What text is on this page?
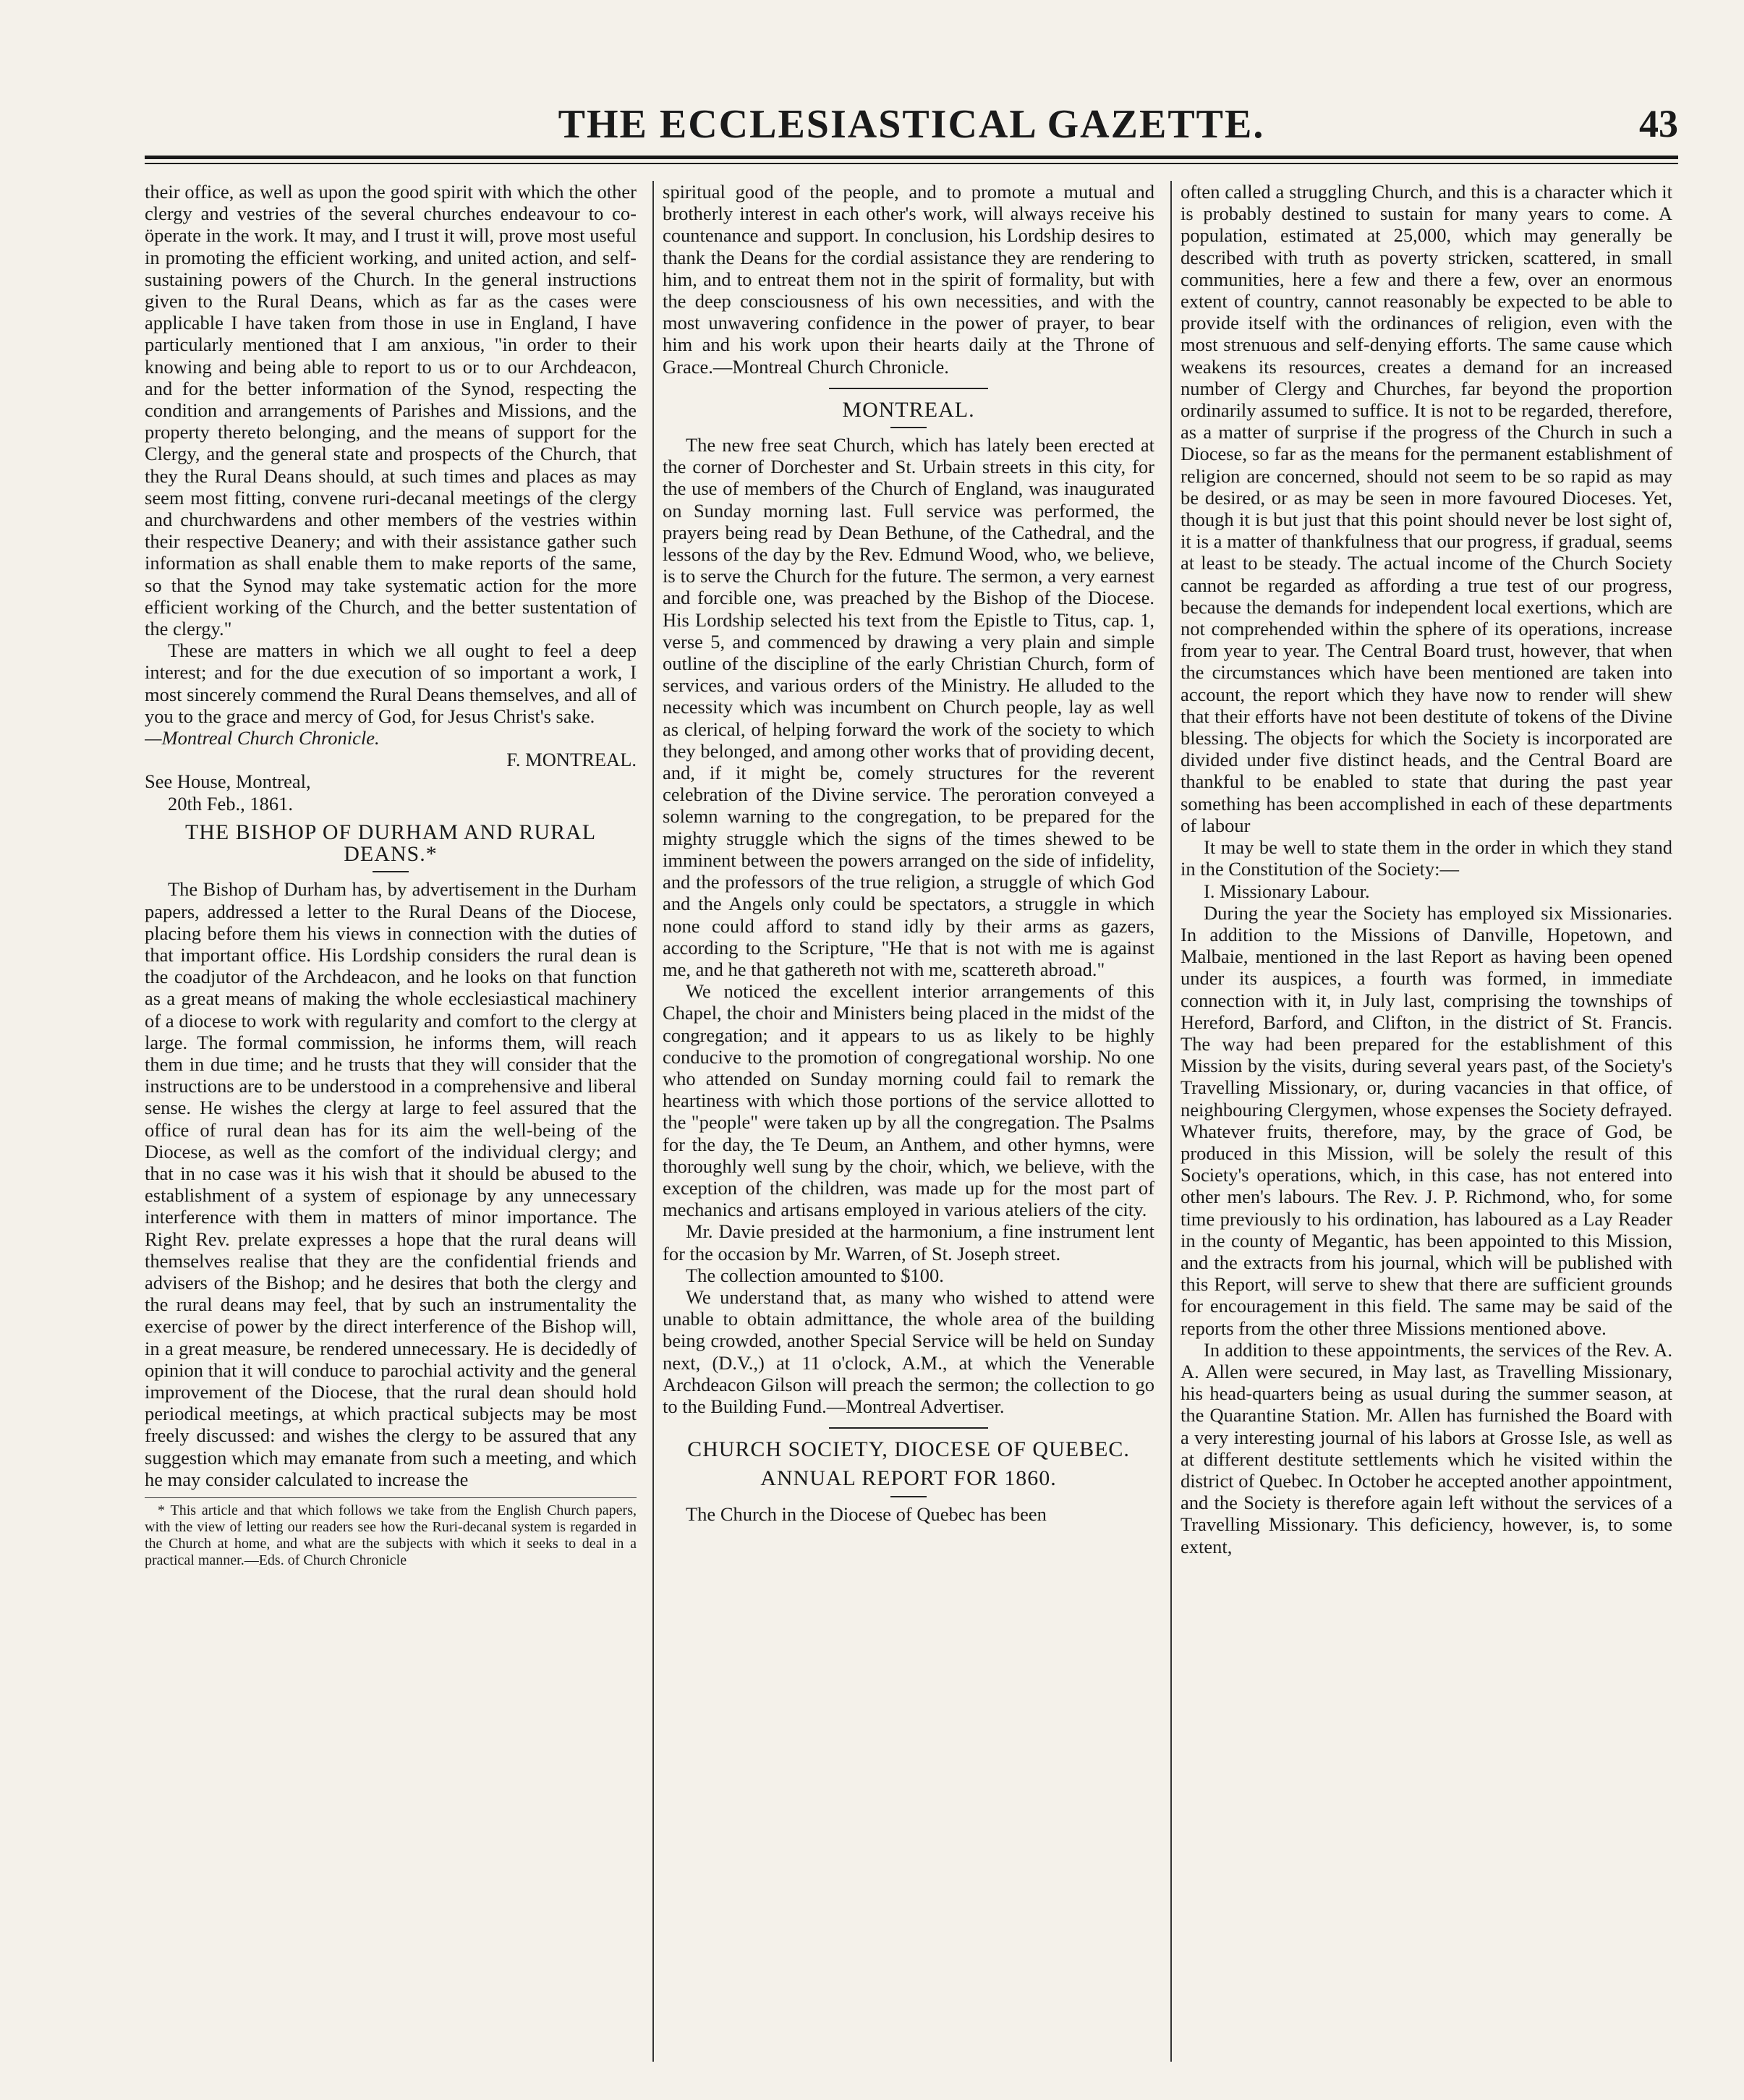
THE ECCLESIASTICAL GAZETTE.	43

their office, as well as upon the good spirit with which the other clergy and vestries of the several churches endeavour to co-öperate in the work. It may, and I trust it will, prove most useful in promoting the efficient working, and united action, and self-sustaining powers of the Church. In the general instructions given to the Rural Deans, which as far as the cases were applicable I have taken from those in use in England, I have particularly mentioned that I am anxious, "in order to their knowing and being able to report to us or to our Archdeacon, and for the better information of the Synod, respecting the condition and arrangements of Parishes and Missions, and the property thereto belonging, and the means of support for the Clergy, and the general state and prospects of the Church, that they the Rural Deans should, at such times and places as may seem most fitting, convene ruri-decanal meetings of the clergy and churchwardens and other members of the vestries within their respective Deanery; and with their assistance gather such information as shall enable them to make reports of the same, so that the Synod may take systematic action for the more efficient working of the Church, and the better sustentation of the clergy."

These are matters in which we all ought to feel a deep interest; and for the due execution of so important a work, I most sincerely commend the Rural Deans themselves, and all of you to the grace and mercy of God, for Jesus Christ's sake.

—Montreal Church Chronicle.

F. MONTREAL.

See House, Montreal,

20th Feb., 1861.

THE BISHOP OF DURHAM AND RURAL DEANS.*

The Bishop of Durham has, by advertisement in the Durham papers, addressed a letter to the Rural Deans of the Diocese, placing before them his views in connection with the duties of that important office. His Lordship considers the rural dean is the coadjutor of the Archdeacon, and he looks on that function as a great means of making the whole ecclesiastical machinery of a diocese to work with regularity and comfort to the clergy at large. The formal commission, he informs them, will reach them in due time; and he trusts that they will consider that the instructions are to be understood in a comprehensive and liberal sense. He wishes the clergy at large to feel assured that the office of rural dean has for its aim the well-being of the Diocese, as well as the comfort of the individual clergy; and that in no case was it his wish that it should be abused to the establishment of a system of espionage by any unnecessary interference with them in matters of minor importance. The Right Rev. prelate expresses a hope that the rural deans will themselves realise that they are the confidential friends and advisers of the Bishop; and he desires that both the clergy and the rural deans may feel, that by such an instrumentality the exercise of power by the direct interference of the Bishop will, in a great measure, be rendered unnecessary. He is decidedly of opinion that it will conduce to parochial activity and the general improvement of the Diocese, that the rural dean should hold periodical meetings, at which practical subjects may be most freely discussed: and wishes the clergy to be assured that any suggestion which may emanate from such a meeting, and which he may consider calculated to increase the

* This article and that which follows we take from the English Church papers, with the view of letting our readers see how the Ruri-decanal system is regarded in the Church at home, and what are the subjects with which it seeks to deal in a practical manner.—Eds. of Church Chronicle

spiritual good of the people, and to promote a mutual and brotherly interest in each other's work, will always receive his countenance and support. In conclusion, his Lordship desires to thank the Deans for the cordial assistance they are rendering to him, and to entreat them not in the spirit of formality, but with the deep consciousness of his own necessities, and with the most unwavering confidence in the power of prayer, to bear him and his work upon their hearts daily at the Throne of Grace.—Montreal Church Chronicle.

MONTREAL.

The new free seat Church, which has lately been erected at the corner of Dorchester and St. Urbain streets in this city, for the use of members of the Church of England, was inaugurated on Sunday morning last. Full service was performed, the prayers being read by Dean Bethune, of the Cathedral, and the lessons of the day by the Rev. Edmund Wood, who, we believe, is to serve the Church for the future. The sermon, a very earnest and forcible one, was preached by the Bishop of the Diocese. His Lordship selected his text from the Epistle to Titus, cap. 1, verse 5, and commenced by drawing a very plain and simple outline of the discipline of the early Christian Church, form of services, and various orders of the Ministry. He alluded to the necessity which was incumbent on Church people, lay as well as clerical, of helping forward the work of the society to which they belonged, and among other works that of providing decent, and, if it might be, comely structures for the reverent celebration of the Divine service. The peroration conveyed a solemn warning to the congregation, to be prepared for the mighty struggle which the signs of the times shewed to be imminent between the powers arranged on the side of infidelity, and the professors of the true religion, a struggle of which God and the Angels only could be spectators, a struggle in which none could afford to stand idly by their arms as gazers, according to the Scripture, "He that is not with me is against me, and he that gathereth not with me, scattereth abroad."

We noticed the excellent interior arrangements of this Chapel, the choir and Ministers being placed in the midst of the congregation; and it appears to us as likely to be highly conducive to the promotion of congregational worship. No one who attended on Sunday morning could fail to remark the heartiness with which those portions of the service allotted to the "people" were taken up by all the congregation. The Psalms for the day, the Te Deum, an Anthem, and other hymns, were thoroughly well sung by the choir, which, we believe, with the exception of the children, was made up for the most part of mechanics and artisans employed in various ateliers of the city.

Mr. Davie presided at the harmonium, a fine instrument lent for the occasion by Mr. Warren, of St. Joseph street.

The collection amounted to $100.

We understand that, as many who wished to attend were unable to obtain admittance, the whole area of the building being crowded, another Special Service will be held on Sunday next, (D.V.,) at 11 o'clock, A.M., at which the Venerable Archdeacon Gilson will preach the sermon; the collection to go to the Building Fund.—Montreal Advertiser.

CHURCH SOCIETY, DIOCESE OF QUEBEC.
ANNUAL REPORT FOR 1860.

The Church in the Diocese of Quebec has been

often called a struggling Church, and this is a character which it is probably destined to sustain for many years to come. A population, estimated at 25,000, which may generally be described with truth as poverty stricken, scattered, in small communities, here a few and there a few, over an enormous extent of country, cannot reasonably be expected to be able to provide itself with the ordinances of religion, even with the most strenuous and self-denying efforts. The same cause which weakens its resources, creates a demand for an increased number of Clergy and Churches, far beyond the proportion ordinarily assumed to suffice. It is not to be regarded, therefore, as a matter of surprise if the progress of the Church in such a Diocese, so far as the means for the permanent establishment of religion are concerned, should not seem to be so rapid as may be desired, or as may be seen in more favoured Dioceses. Yet, though it is but just that this point should never be lost sight of, it is a matter of thankfulness that our progress, if gradual, seems at least to be steady. The actual income of the Church Society cannot be regarded as affording a true test of our progress, because the demands for independent local exertions, which are not comprehended within the sphere of its operations, increase from year to year. The Central Board trust, however, that when the circumstances which have been mentioned are taken into account, the report which they have now to render will shew that their efforts have not been destitute of tokens of the Divine blessing. The objects for which the Society is incorporated are divided under five distinct heads, and the Central Board are thankful to be enabled to state that during the past year something has been accomplished in each of these departments of labour

It may be well to state them in the order in which they stand in the Constitution of the Society:—

I. Missionary Labour.

During the year the Society has employed six Missionaries. In addition to the Missions of Danville, Hopetown, and Malbaie, mentioned in the last Report as having been opened under its auspices, a fourth was formed, in immediate connection with it, in July last, comprising the townships of Hereford, Barford, and Clifton, in the district of St. Francis. The way had been prepared for the establishment of this Mission by the visits, during several years past, of the Society's Travelling Missionary, or, during vacancies in that office, of neighbouring Clergymen, whose expenses the Society defrayed. Whatever fruits, therefore, may, by the grace of God, be produced in this Mission, will be solely the result of this Society's operations, which, in this case, has not entered into other men's labours. The Rev. J. P. Richmond, who, for some time previously to his ordination, has laboured as a Lay Reader in the county of Megantic, has been appointed to this Mission, and the extracts from his journal, which will be published with this Report, will serve to shew that there are sufficient grounds for encouragement in this field. The same may be said of the reports from the other three Missions mentioned above.

In addition to these appointments, the services of the Rev. A. A. Allen were secured, in May last, as Travelling Missionary, his head-quarters being as usual during the summer season, at the Quarantine Station. Mr. Allen has furnished the Board with a very interesting journal of his labors at Grosse Isle, as well as at different destitute settlements which he visited within the district of Quebec. In October he accepted another appointment, and the Society is therefore again left without the services of a Travelling Missionary. This deficiency, however, is, to some extent,
